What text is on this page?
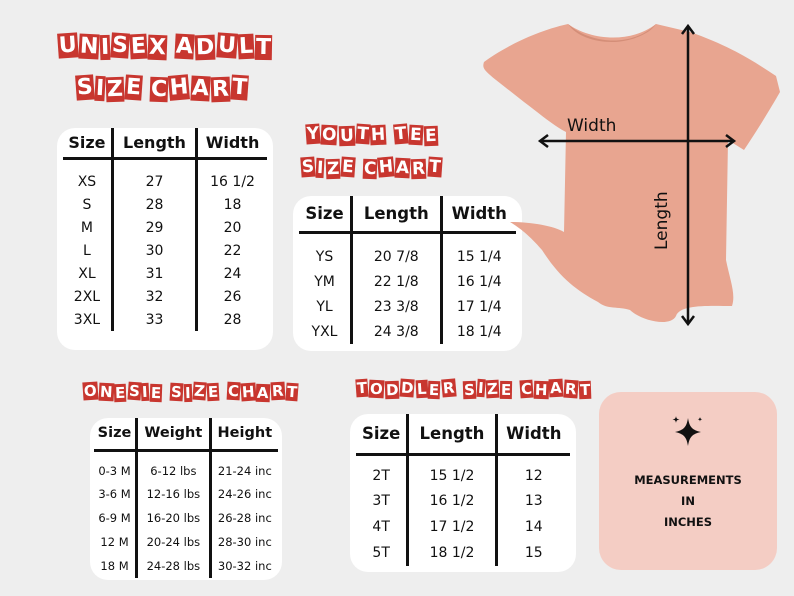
U N I S E X A D U L T
S I Z E C H A R T
Size	Length	Width
XS	27	16 1/2
S	28	18
M	29	20
L	30	22
XL	31	24
2XL	32	26
3XL	33	28
Y O U T H T E E
S I Z E C H A R T
Size	Length	Width
YS	20 7/8	15 1/4
YM	22 1/8	16 1/4
YL	23 3/8	17 1/4
YXL	24 3/8	18 1/4
O N E S I E S I Z E C H A R T
Size	Weight	Height
0-3 M	6-12 lbs	21-24 inc
3-6 M	12-16 lbs	24-26 inc
6-9 M	16-20 lbs	26-28 inc
12 M	20-24 lbs	28-30 inc
18 M	24-28 lbs	30-32 inc
T O D D L E R S I Z E C H A R T
Size	Length	Width
2T	15 1/2	12
3T	16 1/2	13
4T	17 1/2	14
5T	18 1/2	15
MEASUREMENTS
IN
INCHES
Width
Length
